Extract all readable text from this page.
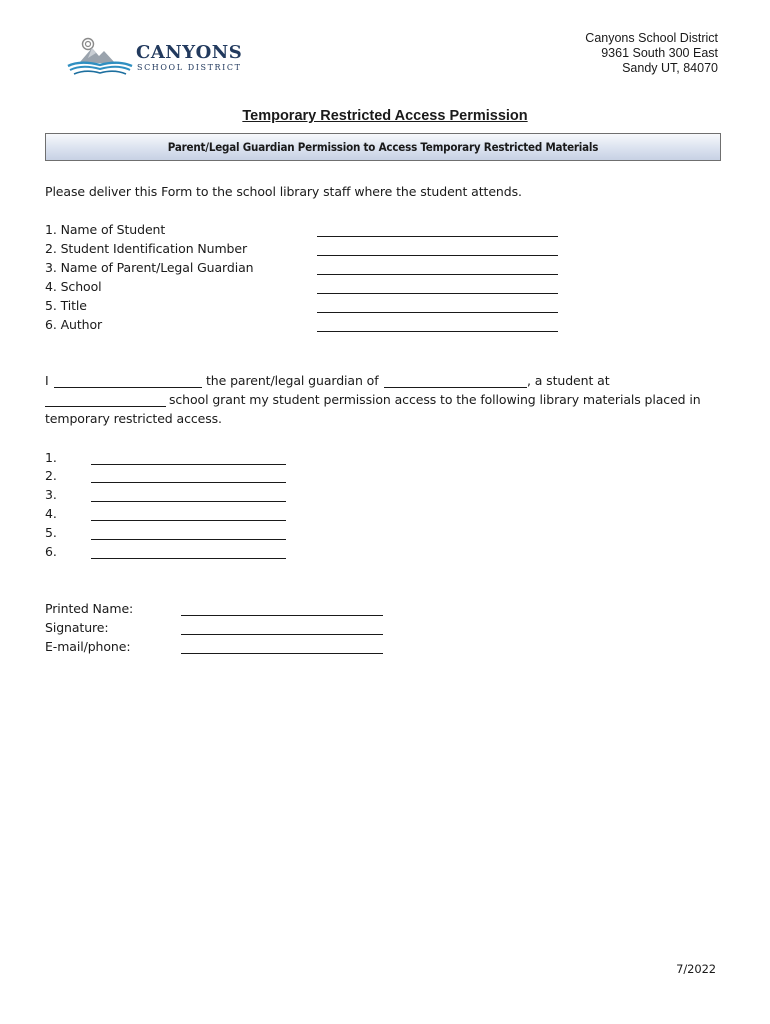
CANYONS
SCHOOL DISTRICT
Canyons School District
9361 South 300 East
Sandy UT, 84070
Temporary Restricted Access Permission
Parent/Legal Guardian Permission to Access Temporary Restricted Materials
Please deliver this Form to the school library staff where the student attends.
1. Name of Student
2. Student Identification Number
3. Name of Parent/Legal Guardian
4. School
5. Title
6. Author
I	the parent/legal guardian of	, a student at
school grant my student permission access to the following library materials placed in
temporary restricted access.
1.
2.
3.
4.
5.
6.
Printed Name:
Signature:
E-mail/phone:
7/2022
